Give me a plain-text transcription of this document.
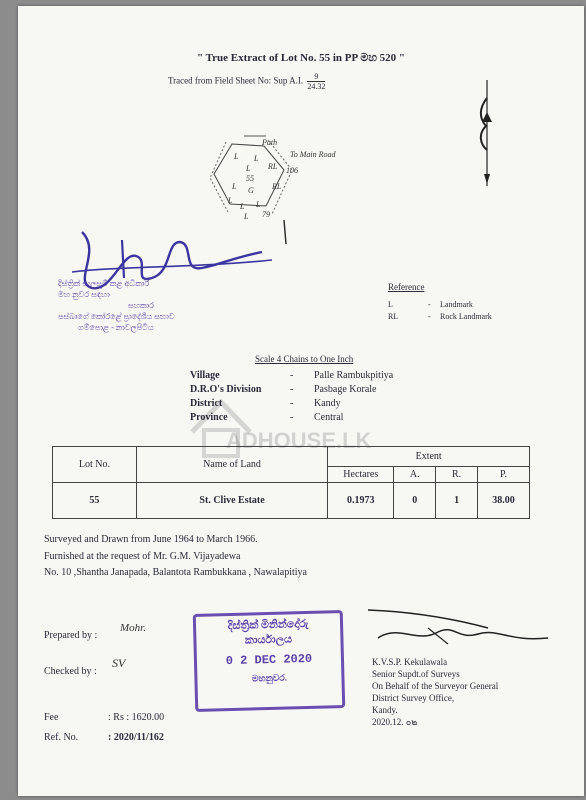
" True Extract of Lot No. 55 in PP මහ 520 "
Traced from Field Sheet No: Sup A.I. $\frac{9}{24.32}$
Path
To Main Road
55
G
106
79
L
L RL
L
L
RL
L
L
L L
දිස්ත්‍රික් සැලසුම් කළ අධිකාරී
මහ නුවර සඳහා
සහකාර
පස්බාගේ කෝරළේ ප්‍රාදේශීය සභාව
ගම්පොළ - නාවලපිටිය
Reference
L	- Landmark
RL	- Rock Landmark
Scale 4 Chains to One Inch
ADHOUSE.LK
Village	- Palle Rambukpitiya
D.R.O's Division	- Pasbage Korale
District	- Kandy
Province	- Central
Lot No.	Name of Land	Extent			
		Hectares	A.	R.	P.
55	St. Clive Estate	0.1973	0	1	38.00
Surveyed and Drawn from June 1964 to March 1966.
Furnished at the request of Mr. G.M. Vijayadewa
No. 10 ,Shantha Janapada, Balantota Rambukkana , Nawalapitiya
Prepared by :
Mohr.
Checked by :
SV
Fee	: Rs : 1620.00
Ref. No.	: 2020/11/162
දිස්ත්‍රික් මිනින්දෝරු
කාර්යාලය
0 2 DEC 2020
මහනුවර.
K.V.S.P. Kekulawala
Senior Supdt.of Surveys
On Behalf of the Surveyor General
District Survey Office,
Kandy.
2020.12. ๐๒
